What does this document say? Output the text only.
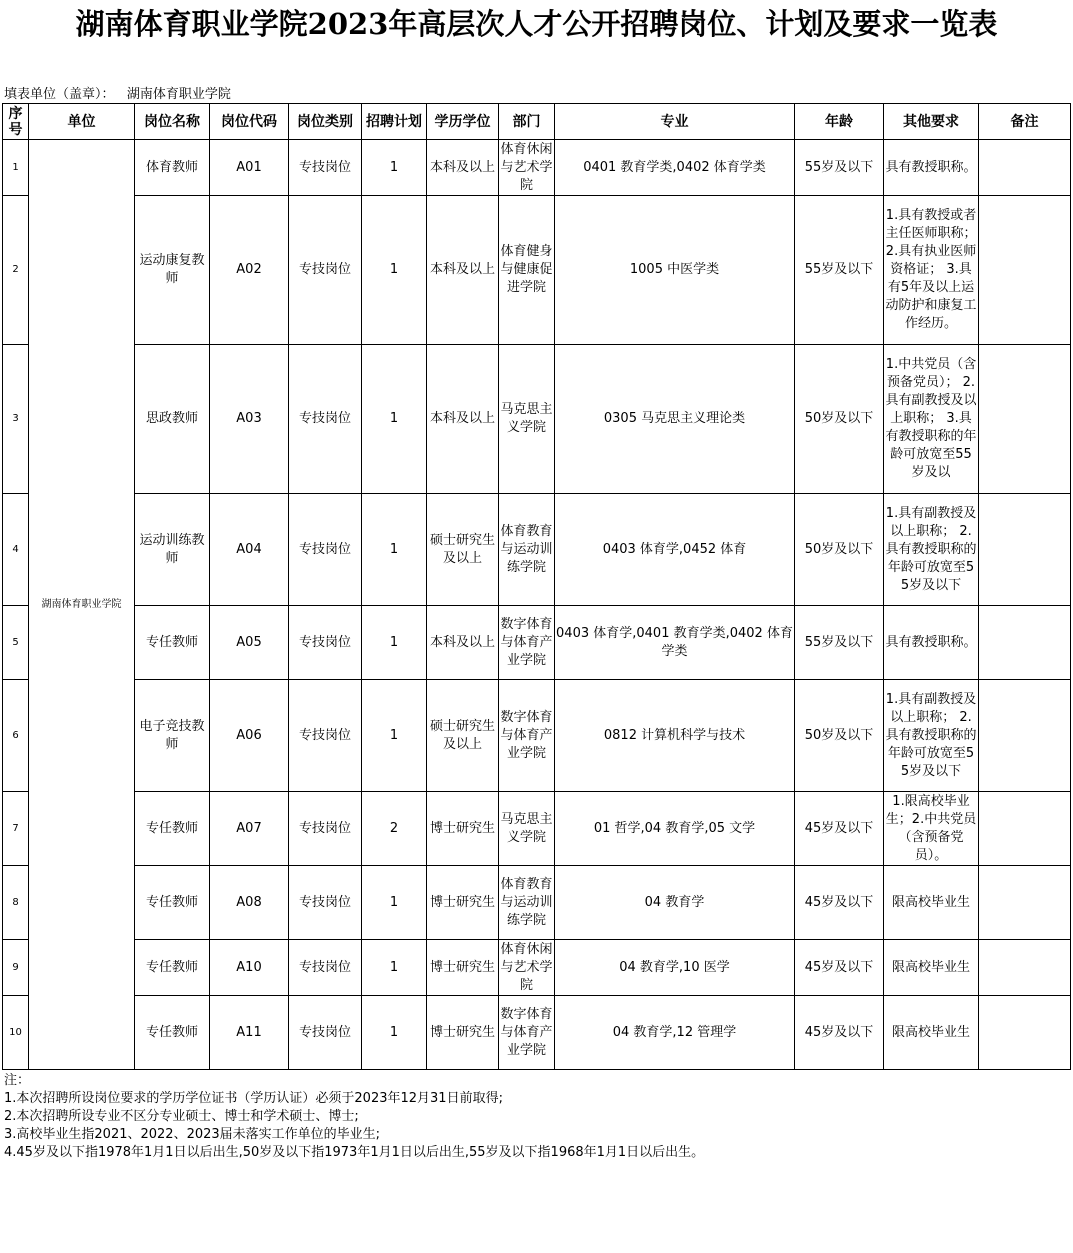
湖南体育职业学院2023年高层次人才公开招聘岗位、计划及要求一览表
填表单位（盖章）： 湖南体育职业学院
序号	单位	岗位名称	岗位代码	岗位类别	招聘计划	学历学位	部门	专业	年龄	其他要求	备注
1	湖南体育职业学院	体育教师	A01	专技岗位	1	本科及以上	体育休闲与艺术学院	0401 教育学类,0402 体育学类	55岁及以下	具有教授职称。	
2		运动康复教师	A02	专技岗位	1	本科及以上	体育健身与健康促进学院	1005 中医学类	55岁及以下	1.具有教授或者主任医师职称； 2.具有执业医师资格证； 3.具有5年及以上运动防护和康复工作经历。	
3		思政教师	A03	专技岗位	1	本科及以上	马克思主义学院	0305 马克思主义理论类	50岁及以下	1.中共党员（含预备党员）； 2.具有副教授及以上职称； 3.具有教授职称的年龄可放宽至55岁及以	
4		运动训练教师	A04	专技岗位	1	硕士研究生及以上	体育教育与运动训练学院	0403 体育学,0452 体育	50岁及以下	1.具有副教授及以上职称； 2.具有教授职称的年龄可放宽至55岁及以下	
5		专任教师	A05	专技岗位	1	本科及以上	数字体育与体育产业学院	0403 体育学,0401 教育学类,0402 体育学类	55岁及以下	具有教授职称。	
6		电子竞技教师	A06	专技岗位	1	硕士研究生及以上	数字体育与体育产业学院	0812 计算机科学与技术	50岁及以下	1.具有副教授及以上职称； 2.具有教授职称的年龄可放宽至55岁及以下	
7		专任教师	A07	专技岗位	2	博士研究生	马克思主义学院	01 哲学,04 教育学,05 文学	45岁及以下	1.限高校毕业生；2.中共党员（含预备党员）。	
8		专任教师	A08	专技岗位	1	博士研究生	体育教育与运动训练学院	04 教育学	45岁及以下	限高校毕业生	
9		专任教师	A10	专技岗位	1	博士研究生	体育休闲与艺术学院	04 教育学,10 医学	45岁及以下	限高校毕业生	
10		专任教师	A11	专技岗位	1	博士研究生	数字体育与体育产业学院	04 教育学,12 管理学	45岁及以下	限高校毕业生	
注：
1.本次招聘所设岗位要求的学历学位证书（学历认证）必须于2023年12月31日前取得;
2.本次招聘所设专业不区分专业硕士、博士和学术硕士、博士;
3.高校毕业生指2021、2022、2023届未落实工作单位的毕业生;
4.45岁及以下指1978年1月1日以后出生,50岁及以下指1973年1月1日以后出生,55岁及以下指1968年1月1日以后出生。
